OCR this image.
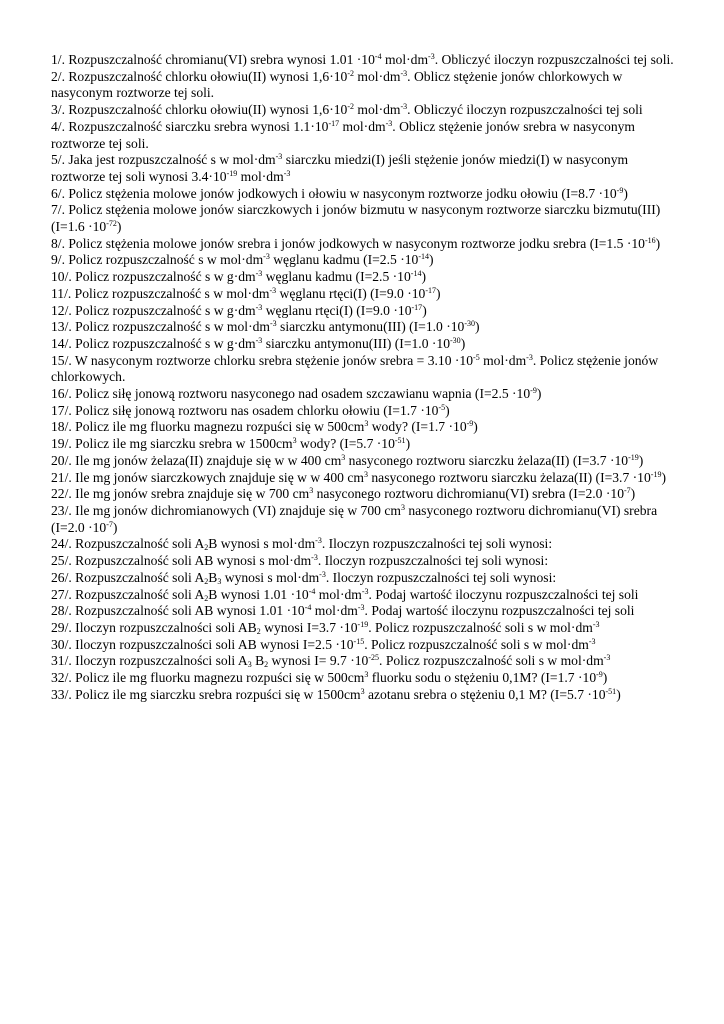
1/. Rozpuszczalność chromianu(VI) srebra wynosi $1.01 \cdot 10^{-4}$ $mol\cdot dm^{-3}$. Obliczyć iloczyn rozpuszczalności tej soli.
2/. Rozpuszczalność chlorku ołowiu(II) wynosi $1,6\cdot 10^{-2}$ $mol\cdot dm^{-3}$. Oblicz stężenie jonów chlorkowych w nasyconym roztworze tej soli.
3/. Rozpuszczalność chlorku ołowiu(II) wynosi $1,6\cdot 10^{-2}$ $mol\cdot dm^{-3}$. Obliczyć iloczyn rozpuszczalności tej soli
4/. Rozpuszczalność siarczku srebra wynosi $1.1\cdot 10^{-17}$ $mol\cdot dm^{-3}$. Oblicz stężenie jonów srebra w nasyconym roztworze tej soli.
5/. Jaka jest rozpuszczalność s w $mol\cdot dm^{-3}$ siarczku miedzi(I) jeśli stężenie jonów miedzi(I) w nasyconym roztworze tej soli wynosi $3.4\cdot 10^{-19}$ $mol\cdot dm^{-3}$
6/. Policz stężenia molowe jonów jodkowych i ołowiu w nasyconym roztworze jodku ołowiu $(I=8.7 \cdot 10^{-9})$
7/. Policz stężenia molowe jonów siarczkowych i jonów bizmutu w nasyconym roztworze siarczku bizmutu(III) $(I=1.6 \cdot 10^{-72})$
8/. Policz stężenia molowe jonów srebra i jonów jodkowych w nasyconym roztworze jodku srebra $(I=1.5 \cdot 10^{-16})$
9/. Policz rozpuszczalność s w $mol\cdot dm^{-3}$ węglanu kadmu $(I=2.5 \cdot 10^{-14})$
10/. Policz rozpuszczalność s w $g\cdot dm^{-3}$ węglanu kadmu $(I=2.5 \cdot 10^{-14})$
11/. Policz rozpuszczalność s w $mol\cdot dm^{-3}$ węglanu rtęci(I) $(I=9.0 \cdot 10^{-17})$
12/. Policz rozpuszczalność s w $g\cdot dm^{-3}$ węglanu rtęci(I) $(I=9.0 \cdot 10^{-17})$
13/. Policz rozpuszczalność s w $mol\cdot dm^{-3}$ siarczku antymonu(III) $(I=1.0 \cdot 10^{-30})$
14/. Policz rozpuszczalność s w $g\cdot dm^{-3}$ siarczku antymonu(III) $(I=1.0 \cdot 10^{-30})$
15/. W nasyconym roztworze chlorku srebra stężenie jonów srebra = $3.10 \cdot 10^{-5}$ $mol\cdot dm^{-3}$. Policz stężenie jonów chlorkowych.
16/. Policz siłę jonową roztworu nasyconego nad osadem szczawianu wapnia $(I=2.5 \cdot 10^{-9})$
17/. Policz siłę jonową roztworu nas osadem chlorku ołowiu $(I=1.7 \cdot 10^{-5})$
18/. Policz ile mg fluorku magnezu rozpuści się w $500cm^3$ wody? $(I=1.7 \cdot 10^{-9})$
19/. Policz ile mg siarczku srebra w $1500cm^3$ wody? $(I=5.7 \cdot 10^{-51})$
20/. Ile mg jonów żelaza(II) znajduje się w w 400 $cm^3$ nasyconego roztworu siarczku żelaza(II) $(I=3.7 \cdot 10^{-19})$
21/. Ile mg jonów siarczkowych znajduje się w w 400 $cm^3$ nasyconego roztworu siarczku żelaza(II) $(I=3.7 \cdot 10^{-19})$
22/. Ile mg jonów srebra znajduje się w 700 $cm^3$ nasyconego roztworu dichromianu(VI) srebra $(I=2.0 \cdot 10^{-7})$
23/. Ile mg jonów dichromianowych (VI) znajduje się w 700 $cm^3$ nasyconego roztworu dichromianu(VI) srebra $(I=2.0 \cdot 10^{-7})$
24/. Rozpuszczalność soli $A_2B$ wynosi s $mol\cdot dm^{-3}$. Iloczyn rozpuszczalności tej soli wynosi:
25/. Rozpuszczalność soli AB wynosi s $mol\cdot dm^{-3}$. Iloczyn rozpuszczalności tej soli wynosi:
26/. Rozpuszczalność soli $A_2B_3$ wynosi s $mol\cdot dm^{-3}$. Iloczyn rozpuszczalności tej soli wynosi:
27/. Rozpuszczalność soli $A_2B$ wynosi $1.01 \cdot 10^{-4}$ $mol\cdot dm^{-3}$. Podaj wartość iloczynu rozpuszczalności tej soli
28/. Rozpuszczalność soli AB wynosi $1.01 \cdot 10^{-4}$ $mol\cdot dm^{-3}$. Podaj wartość iloczynu rozpuszczalności tej soli
29/. Iloczyn rozpuszczalności soli $AB_2$ wynosi $I=3.7 \cdot 10^{-19}$. Policz rozpuszczalność soli s w $mol\cdot dm^{-3}$
30/. Iloczyn rozpuszczalności soli AB wynosi $I=2.5 \cdot 10^{-15}$. Policz rozpuszczalność soli s w $mol\cdot dm^{-3}$
31/. Iloczyn rozpuszczalności soli $A_3$ $B_2$ wynosi $I= 9.7 \cdot 10^{-25}$. Policz rozpuszczalność soli s w $mol\cdot dm^{-3}$
32/. Policz ile mg fluorku magnezu rozpuści się w $500cm^3$ fluorku sodu o stężeniu 0,1M? $(I=1.7 \cdot 10^{-9})$
33/. Policz ile mg siarczku srebra rozpuści się w $1500cm^3$ azotanu srebra o stężeniu 0,1 M? $(I=5.7 \cdot 10^{-51})$
